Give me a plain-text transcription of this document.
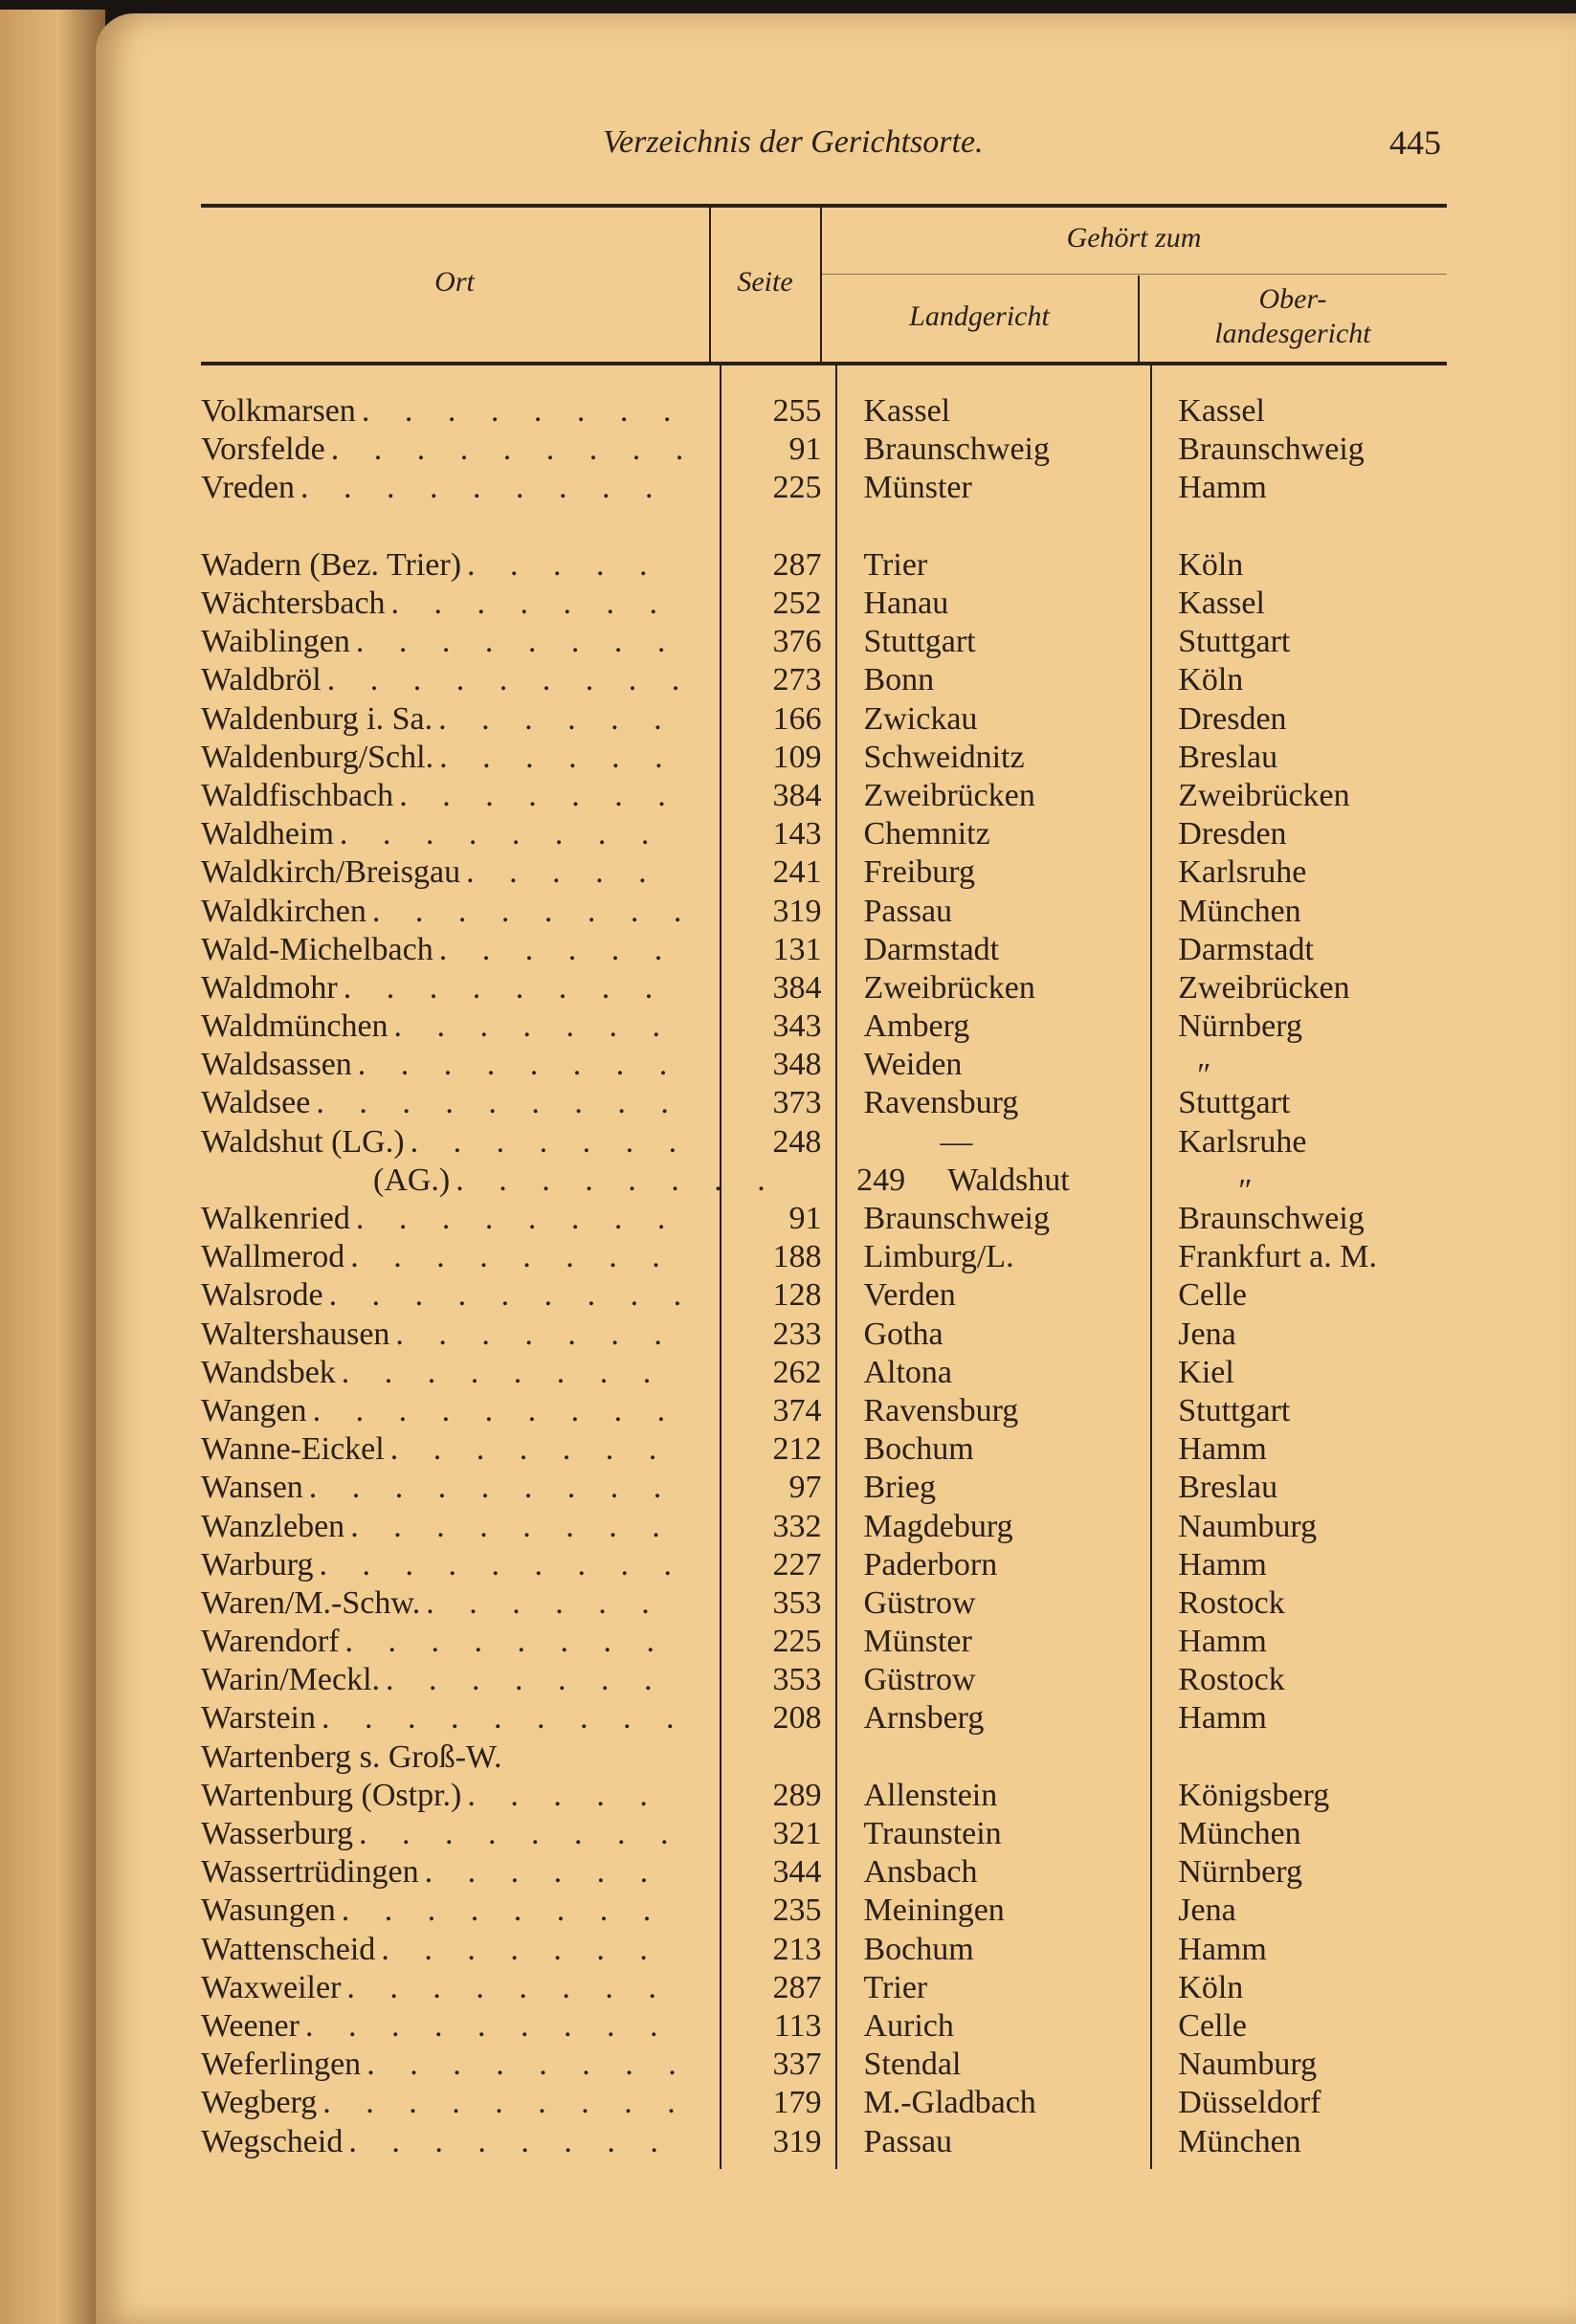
Verzeichnis der Gerichtsorte.	445
Ort	Seite
Gehört zum
Landgericht
Ober-
landesgericht
Volkmarsen . . .	255	Kassel	Kassel
Vorsfelde . . .	91	Braunschweig	Braunschweig
Vreden . . .	225	Münster	Hamm
Wadern (Bez. Trier) . . .	287	Trier	Köln
Wächtersbach . . .	252	Hanau	Kassel
Waiblingen . . .	376	Stuttgart	Stuttgart
Waldbröl . . .	273	Bonn	Köln
Waldenburg i. Sa. . . .	166	Zwickau	Dresden
Waldenburg/Schl. . . .	109	Schweidnitz	Breslau
Waldfischbach . . .	384	Zweibrücken	Zweibrücken
Waldheim . . .	143	Chemnitz	Dresden
Waldkirch/Breisgau . . .	241	Freiburg	Karlsruhe
Waldkirchen . . .	319	Passau	München
Wald-Michelbach . . .	131	Darmstadt	Darmstadt
Waldmohr . . .	384	Zweibrücken	Zweibrücken
Waldmünchen . . .	343	Amberg	Nürnberg
Waldsassen . . .	348	Weiden	″
Waldsee . . .	373	Ravensburg	Stuttgart
Waldshut (LG.) . . .	248	—	Karlsruhe
(AG.) . . .	249	Waldshut	″
Walkenried . . .	91	Braunschweig	Braunschweig
Wallmerod . . .	188	Limburg/L.	Frankfurt a. M.
Walsrode . . .	128	Verden	Celle
Waltershausen . . .	233	Gotha	Jena
Wandsbek . . .	262	Altona	Kiel
Wangen . . .	374	Ravensburg	Stuttgart
Wanne-Eickel . . .	212	Bochum	Hamm
Wansen . . .	97	Brieg	Breslau
Wanzleben . . .	332	Magdeburg	Naumburg
Warburg . . .	227	Paderborn	Hamm
Waren/M.-Schw. . . .	353	Güstrow	Rostock
Warendorf . . .	225	Münster	Hamm
Warin/Meckl. . . .	353	Güstrow	Rostock
Warstein . . .	208	Arnsberg	Hamm
Wartenberg s. Groß-W.
Wartenburg (Ostpr.) . . .	289	Allenstein	Königsberg
Wasserburg . . .	321	Traunstein	München
Wassertrüdingen . . .	344	Ansbach	Nürnberg
Wasungen . . .	235	Meiningen	Jena
Wattenscheid . . .	213	Bochum	Hamm
Waxweiler . . .	287	Trier	Köln
Weener . . .	113	Aurich	Celle
Weferlingen . . .	337	Stendal	Naumburg
Wegberg . . .	179	M.-Gladbach	Düsseldorf
Wegscheid . . .	319	Passau	München
